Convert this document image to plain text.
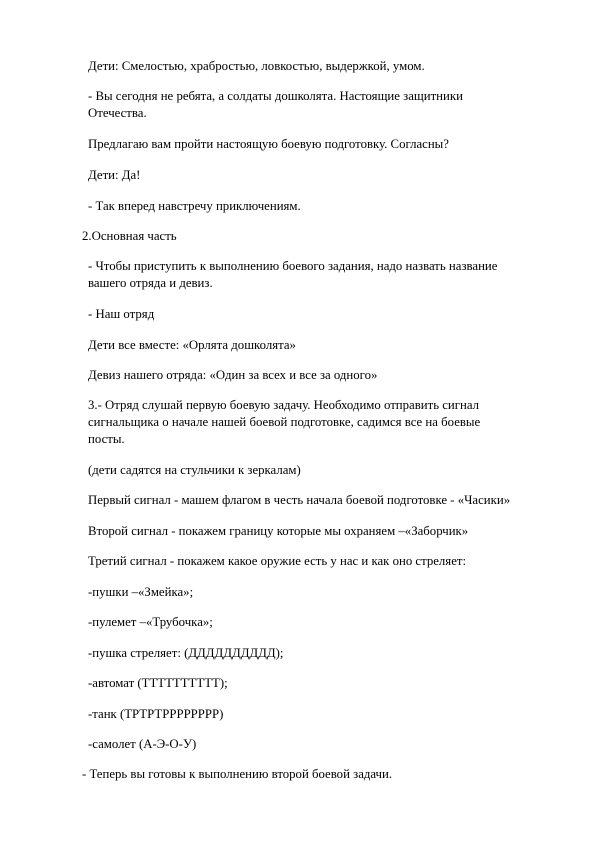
Дети: Смелостью, храбростью, ловкостью, выдержкой, умом.
- Вы сегодня не ребята, а солдаты дошколята. Настоящие защитники
Отечества.
Предлагаю вам пройти настоящую боевую подготовку. Согласны?
Дети: Да!
- Так вперед навстречу приключениям.
2.Основная часть
- Чтобы приступить к выполнению боевого задания, надо назвать название
вашего отряда и девиз.
- Наш отряд
Дети все вместе: «Орлята дошколята»
Девиз нашего отряда: «Один за всех и все за одного»
3.- Отряд слушай первую боевую задачу. Необходимо отправить сигнал
сигнальщика о начале нашей боевой подготовке, садимся все на боевые
посты.
(дети садятся на стульчики к зеркалам)
Первый сигнал - машем флагом в честь начала боевой подготовке - «Часики»
Второй сигнал - покажем границу которые мы охраняем –«Заборчик»
Третий сигнал - покажем какое оружие есть у нас и как оно стреляет:
-пушки –«Змейка»;
-пулемет –«Трубочка»;
-пушка стреляет: (ДДДДДДДДДД);
-автомат (ТТТТТТТТТТ);
-танк (ТРТРТРРРРРРРР)
-самолет (А-Э-О-У)
- Теперь вы готовы к выполнению второй боевой задачи.
